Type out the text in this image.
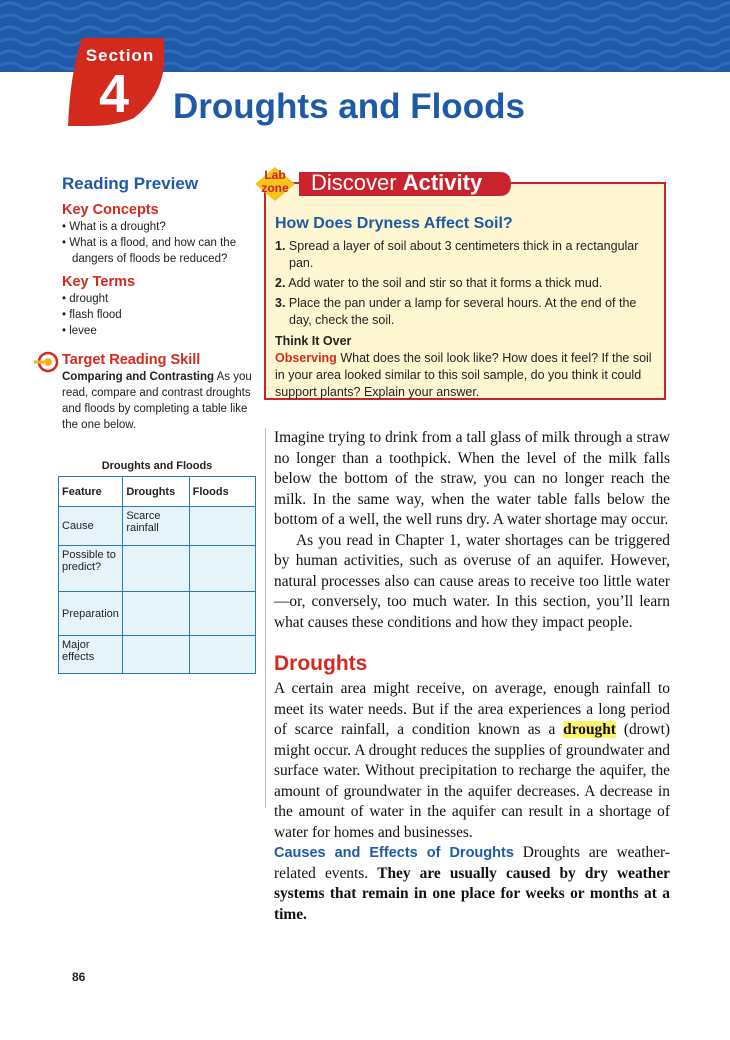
Section
4	Droughts and Floods
Reading Preview
Key Concepts
• What is a drought?
• What is a flood, and how can the dangers of floods be reduced?
Key Terms
• drought
• flash flood
• levee
Target Reading Skill
Comparing and Contrasting As you read, compare and contrast droughts and floods by completing a table like the one below.
Droughts and Floods
Feature	Droughts	Floods
Cause	Scarce rainfall	
Possible to predict?		
Preparation		
Major effects		
Lab zone Discover Activity
How Does Dryness Affect Soil?
1. Spread a layer of soil about 3 centimeters thick in a rectangular pan.
2. Add water to the soil and stir so that it forms a thick mud.
3. Place the pan under a lamp for several hours. At the end of the day, check the soil.
Think It Over
Observing What does the soil look like? How does it feel? If the soil in your area looked similar to this soil sample, do you think it could support plants? Explain your answer.

Imagine trying to drink from a tall glass of milk through a straw no longer than a toothpick. When the level of the milk falls below the bottom of the straw, you can no longer reach the milk. In the same way, when the water table falls below the bottom of a well, the well runs dry. A water shortage may occur.

As you read in Chapter 1, water shortages can be triggered by human activities, such as overuse of an aquifer. However, natural processes also can cause areas to receive too little water—or, conversely, too much water. In this section, you’ll learn what causes these conditions and how they impact people.

Droughts

A certain area might receive, on average, enough rainfall to meet its water needs. But if the area experiences a long period of scarce rainfall, a condition known as a drought (drowt) might occur. A drought reduces the supplies of groundwater and surface water. Without precipitation to recharge the aquifer, the amount of groundwater in the aquifer decreases. A decrease in the amount of water in the aquifer can result in a shortage of water for homes and businesses.

Causes and Effects of Droughts Droughts are weather-related events. They are usually caused by dry weather systems that remain in one place for weeks or months at a time.

86
